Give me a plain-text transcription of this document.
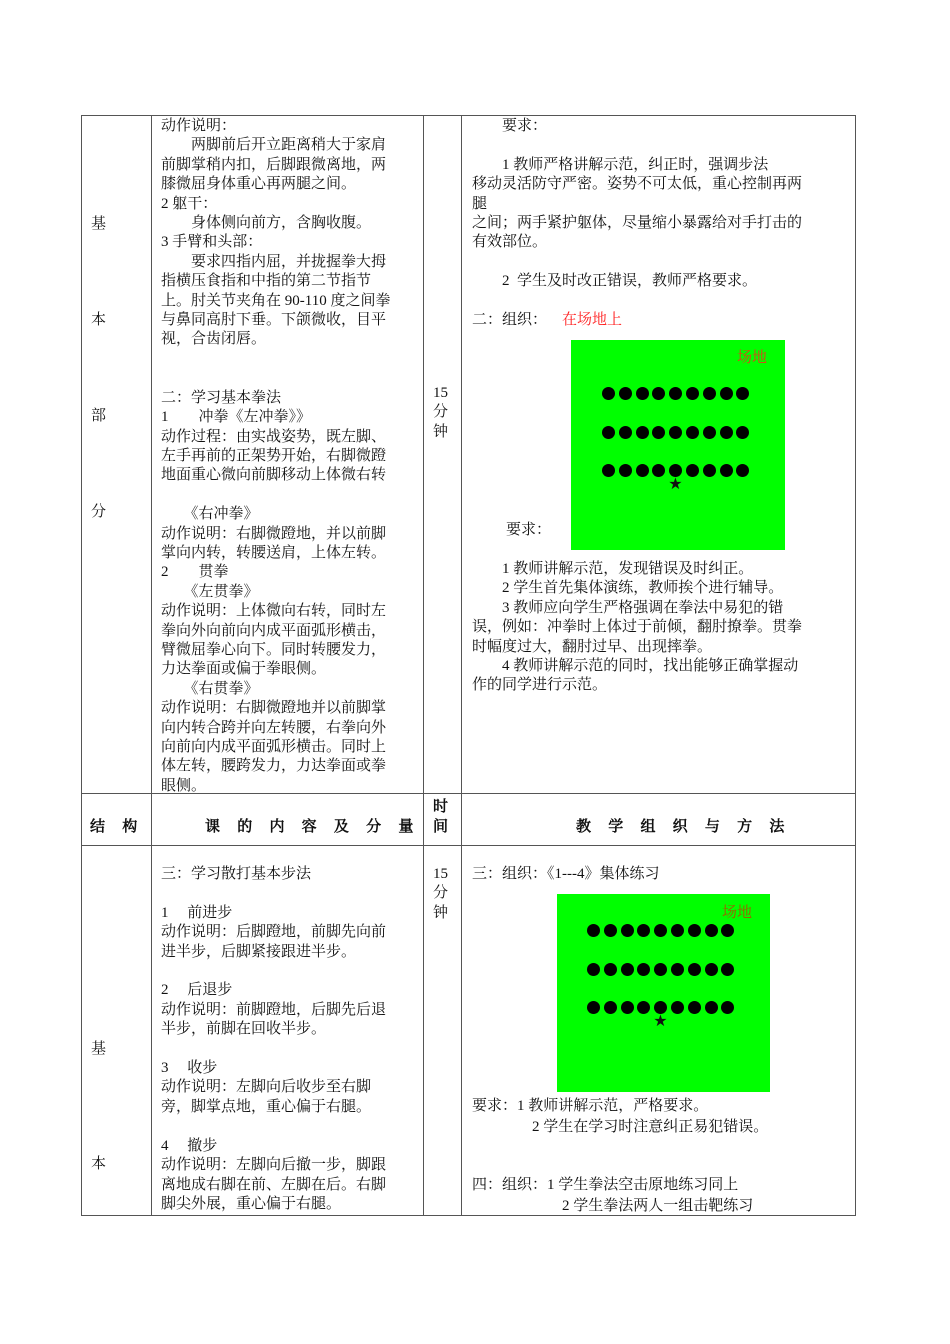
基
本
部
分
动作说明：
　　两脚前后开立距离稍大于家肩
前脚掌稍内扣，后脚跟微离地，两
膝微屈身体重心再两腿之间。
2 躯干：
　　身体侧向前方，含胸收腹。
3 手臂和头部：
　　要求四指内屈，并拢握拳大拇
指横压食指和中指的第二节指节
上。肘关节夹角在 90-110 度之间拳
与鼻同高肘下垂。下颌微收，目平
视，合齿闭唇。

二：学习基本拳法
1　　冲拳《左冲拳》》
动作过程：由实战姿势，既左脚、
左手再前的正架势开始，右脚微蹬
地面重心微向前脚移动上体微右转

　　《右冲拳》
动作说明：右脚微蹬地，并以前脚
掌向内转，转腰送肩，上体左转。
2　　贯拳
　　《左贯拳》
动作说明：上体微向右转，同时左
拳向外向前向内成平面弧形横击，
臂微屈拳心向下。同时转腰发力，
力达拳面或偏于拳眼侧。
　　《右贯拳》
动作说明：右脚微蹬地并以前脚掌
向内转合跨并向左转腰，右拳向外
向前向内成平面弧形横击。同时上
体左转，腰跨发力，力达拳面或拳
眼侧。
15
分
钟
　　要求：

　　1 教师严格讲解示范，纠正时，强调步法
移动灵活防守严密。姿势不可太低，重心控制再两
腿
之间；两手紧护躯体，尽量缩小暴露给对手打击的
有效部位。

　　2  学生及时改正错误，教师严格要求。
二：组织：　 在场地上
场地
★
要求：
　　1 教师讲解示范，发现错误及时纠正。
　　2 学生首先集体演练，教师挨个进行辅导。
　　3 教师应向学生严格强调在拳法中易犯的错
误，例如：冲拳时上体过于前倾，翻肘撩拳。贯拳
时幅度过大，翻肘过早、出现摔拳。
　　4 教师讲解示范的同时，找出能够正确掌握动
作的同学进行示范。
结 构	课 的 内 容 及 分 量
时
间	教 学 组 织 与 方 法
基
本
三：学习散打基本步法

1　 前进步
动作说明：后脚蹬地，前脚先向前
进半步，后脚紧接跟进半步。

2　 后退步
动作说明：前脚蹬地，后脚先后退
半步，前脚在回收半步。

3　 收步
动作说明：左脚向后收步至右脚
旁，脚掌点地，重心偏于右腿。

4　 撤步
动作说明：左脚向后撤一步，脚跟
离地成右脚在前、左脚在后。右脚
脚尖外展，重心偏于右腿。
15
分
钟
三：组织：《1---4》集体练习
场地
★
要求：1 教师讲解示范，严格要求。
　　　　2 学生在学习时注意纠正易犯错误。
四：组织：1 学生拳法空击原地练习同上
　　　　　　2 学生拳法两人一组击靶练习
